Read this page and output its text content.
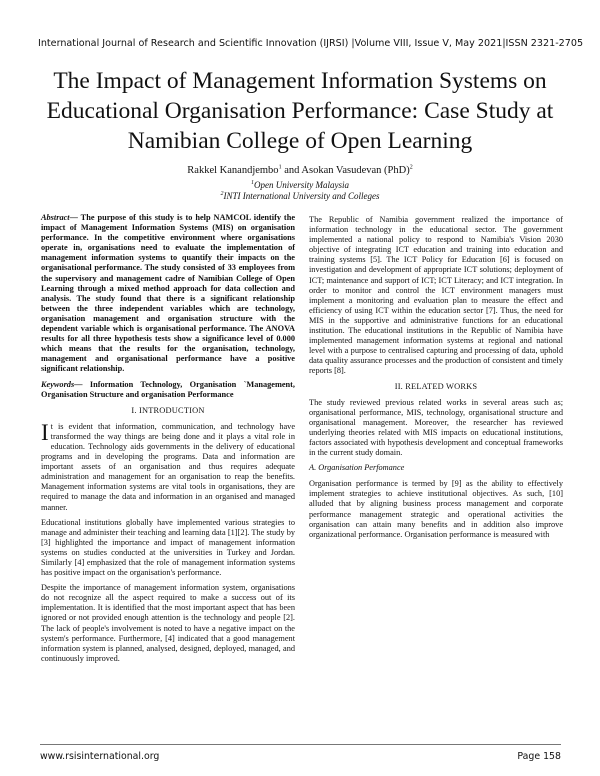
International Journal of Research and Scientific Innovation (IJRSI) |Volume VIII, Issue V, May 2021|ISSN 2321-2705
The Impact of Management Information Systems on Educational Organisation Performance: Case Study at Namibian College of Open Learning
Rakkel Kanandjembo$^1$ and Asokan Vasudevan (PhD)$^2$
$^1$Open University Malaysia
$^2$INTI International University and Colleges

Abstract— The purpose of this study is to help NAMCOL identify the impact of Management Information Systems (MIS) on organisation performance. In the competitive environment where organisations operate in, organisations need to evaluate the implementation of management information systems to quantify their impacts on the organisational performance. The study consisted of 33 employees from the supervisory and management cadre of Namibian College of Open Learning through a mixed method approach for data collection and analysis. The study found that there is a significant relationship between the three independent variables which are technology, organisation management and organisation structure with the dependent variable which is organisational performance. The ANOVA results for all three hypothesis tests show a significance level of 0.000 which means that the results for the organisation, technology, management and organisational performance have a positive significant relationship.

Keywords— Information Technology, Organisation `Management, Organisation Structure and organisation Performance

I. INTRODUCTION

It is evident that information, communication, and technology have transformed the way things are being done and it plays a vital role in education. Technology aids governments in the delivery of educational programs and in developing the programs. Data and information are important assets of an organisation and thus requires adequate administration and management for an organisation to reap the benefits. Management information systems are vital tools in organisations, they are required to manage the data and information in an organised and managed manner.

Educational institutions globally have implemented various strategies to manage and administer their teaching and learning data [1][2]. The study by [3] highlighted the importance and impact of management information systems on studies conducted at the universities in Turkey and Jordan. Similarly [4] emphasized that the role of management information systems has positive impact on the organisation's performance.

Despite the importance of management information system, organisations do not recognize all the aspect required to make a success out of its implementation. It is identified that the most important aspect that has been ignored or not provided enough attention is the technology and people [2]. The lack of people's involvement is noted to have a negative impact on the system's performance. Furthermore, [4] indicated that a good management information system is planned, analysed, designed, deployed, managed, and continuously improved.

The Republic of Namibia government realized the importance of information technology in the educational sector. The government implemented a national policy to respond to Namibia's Vision 2030 objective of integrating ICT education and training into education and training systems [5]. The ICT Policy for Education [6] is focused on investigation and development of appropriate ICT solutions; deployment of ICT; maintenance and support of ICT; ICT Literacy; and ICT integration. In order to monitor and control the ICT environment managers must implement a monitoring and evaluation plan to measure the effect and efficiency of using ICT within the education sector [7]. Thus, the need for MIS in the supportive and administrative functions for an educational institution. The educational institutions in the Republic of Namibia have implemented management information systems at regional and national level with a purpose to centralised capturing and processing of data, uphold data quality assurance processes and the production of consistent and timely reports [8].

II. RELATED WORKS

The study reviewed previous related works in several areas such as; organisational performance, MIS, technology, organisational structure and organisational management. Moreover, the researcher has reviewed underlying theories related with MIS impacts on educational institutions, factors associated with hypothesis development and conceptual frameworks in the current study domain.

A. Organisation Perfomance

Organisation performance is termed by [9] as the ability to effectively implement strategies to achieve institutional objectives. As such, [10] alluded that by aligning business process management and corporate performance management strategic and operational activities the organisation can attain many benefits and in addition also improve organizational performance. Organisation performance is measured with

www.rsisinternational.org	Page 158
